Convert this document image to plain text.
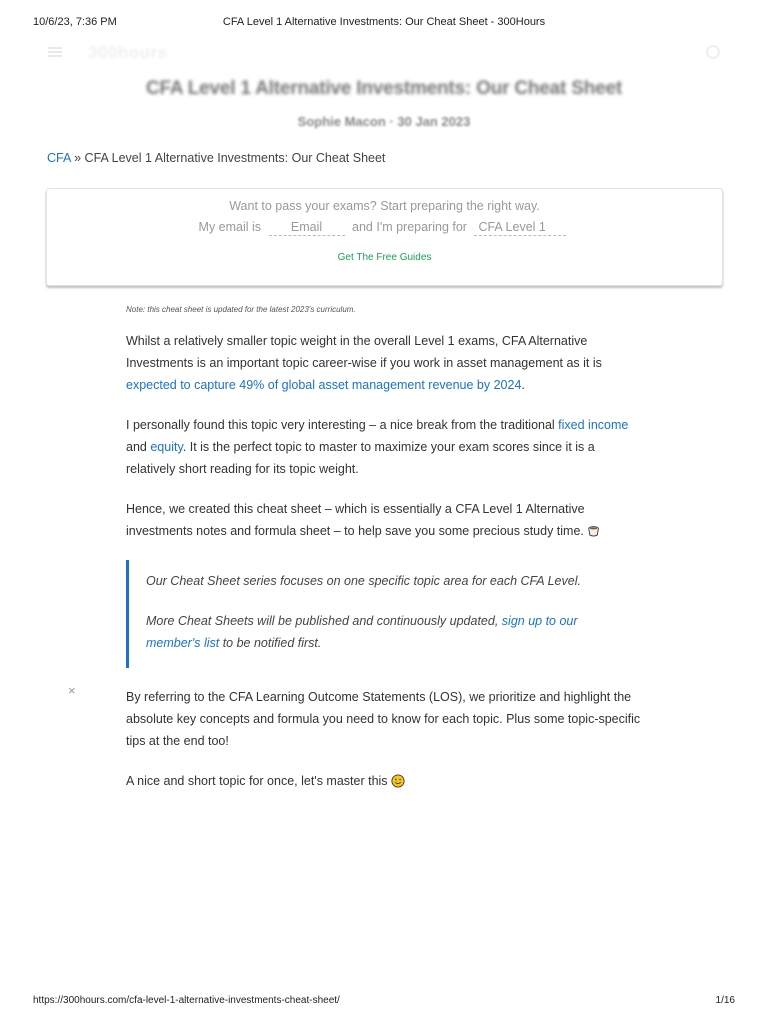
10/6/23, 7:36 PM	CFA Level 1 Alternative Investments: Our Cheat Sheet - 300Hours
300hours
CFA Level 1 Alternative Investments: Our Cheat Sheet
Sophie Macon · 30 Jan 2023
CFA » CFA Level 1 Alternative Investments: Our Cheat Sheet
Want to pass your exams? Start preparing the right way.
My email is Email and I'm preparing for CFA Level 1
Get The Free Guides
Note: this cheat sheet is updated for the latest 2023's curriculum.

Whilst a relatively smaller topic weight in the overall Level 1 exams, CFA Alternative Investments is an important topic career-wise if you work in asset management as it is expected to capture 49% of global asset management revenue by 2024.

I personally found this topic very interesting – a nice break from the traditional fixed income and equity. It is the perfect topic to master to maximize your exam scores since it is a relatively short reading for its topic weight.

Hence, we created this cheat sheet – which is essentially a CFA Level 1 Alternative investments notes and formula sheet – to help save you some precious study time.

Our Cheat Sheet series focuses on one specific topic area for each CFA Level.

More Cheat Sheets will be published and continuously updated, sign up to our member's list to be notified first.

By referring to the CFA Learning Outcome Statements (LOS), we prioritize and highlight the absolute key concepts and formula you need to know for each topic. Plus some topic-specific tips at the end too!

A nice and short topic for once, let's master this

×
https://300hours.com/cfa-level-1-alternative-investments-cheat-sheet/	1/16
